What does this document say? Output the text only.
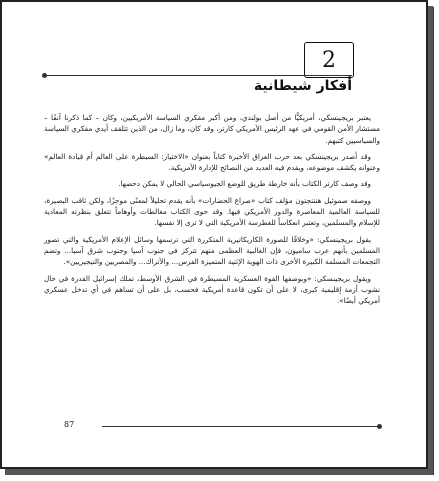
2
أفكار شيطانية

يعتبر بريجينسكي، أمريكيًّا من أصل بولندي، ومن أكبر مفكري السياسة الأمريكيين، وكان – كما ذكرنا آنفًا – مستشار الأمن القومي في عهد الرئيس الأمريكي كارتر، وقد كان، وما زال، من الذين تتلقف أيدي مفكري السياسة والسياسيين كتبهم.

وقد أصدر بريجينسكي بعد حرب العراق الأخيرة كتاباً بعنوان «الاختيار: السيطرة على العالم أم قيادة العالم» وعنوانه يكشف موضوعه، ويقدم فيه العديد من النصائح للإدارة الأمريكية.

وقد وصف كارتر الكتاب بأنه خارطة طريق للوضع الجيوسياسي الحالي لا يمكن دحضها.

ووصفه صموئيل هنتنجتون مؤلف كتاب «صراع الحضارات» بأنه يقدم تحليلاً لمعنًى موجزًا، ولكن ثاقب البصيرة، للسياسة العالمية المعاصرة والدور الأمريكي فيها. وقد حوى الكتاب مغالطات وأوهاماً تتعلق بنظرته المعادية للإسلام والمسلمين، وتعتبر انعكاساً للغطرسة الأمريكية التي لا ترى إلا نفسها.

يقول بريجينسكي: «وخلافًا للصورة الكاريكاتيرية المتكررة التي ترسمها وسائل الإعلام الأمريكية والتي تصور المسلمين بأنهم عرب ساميون، فإن الغالبية العظمى منهم تتركز في جنوب آسيا وجنوب شرق آسيا... وتضم التجمعات المسلمة الكبيرة الأخرى ذات الهوية الإثنية المتميزة الفرس... والأتراك... والمصريين والنيجيريين».

ويقول بريجينسكي: «وبوصفها القوة العسكرية المسيطرة في الشرق الأوسط، تملك إسرائيل القدرة في حال نشوب أزمة إقليمية كبرى، لا على أن تكون قاعدة أمريكية فحسب، بل على أن تساهم في أي تدخل عسكري أمريكي أيضًا».

87
